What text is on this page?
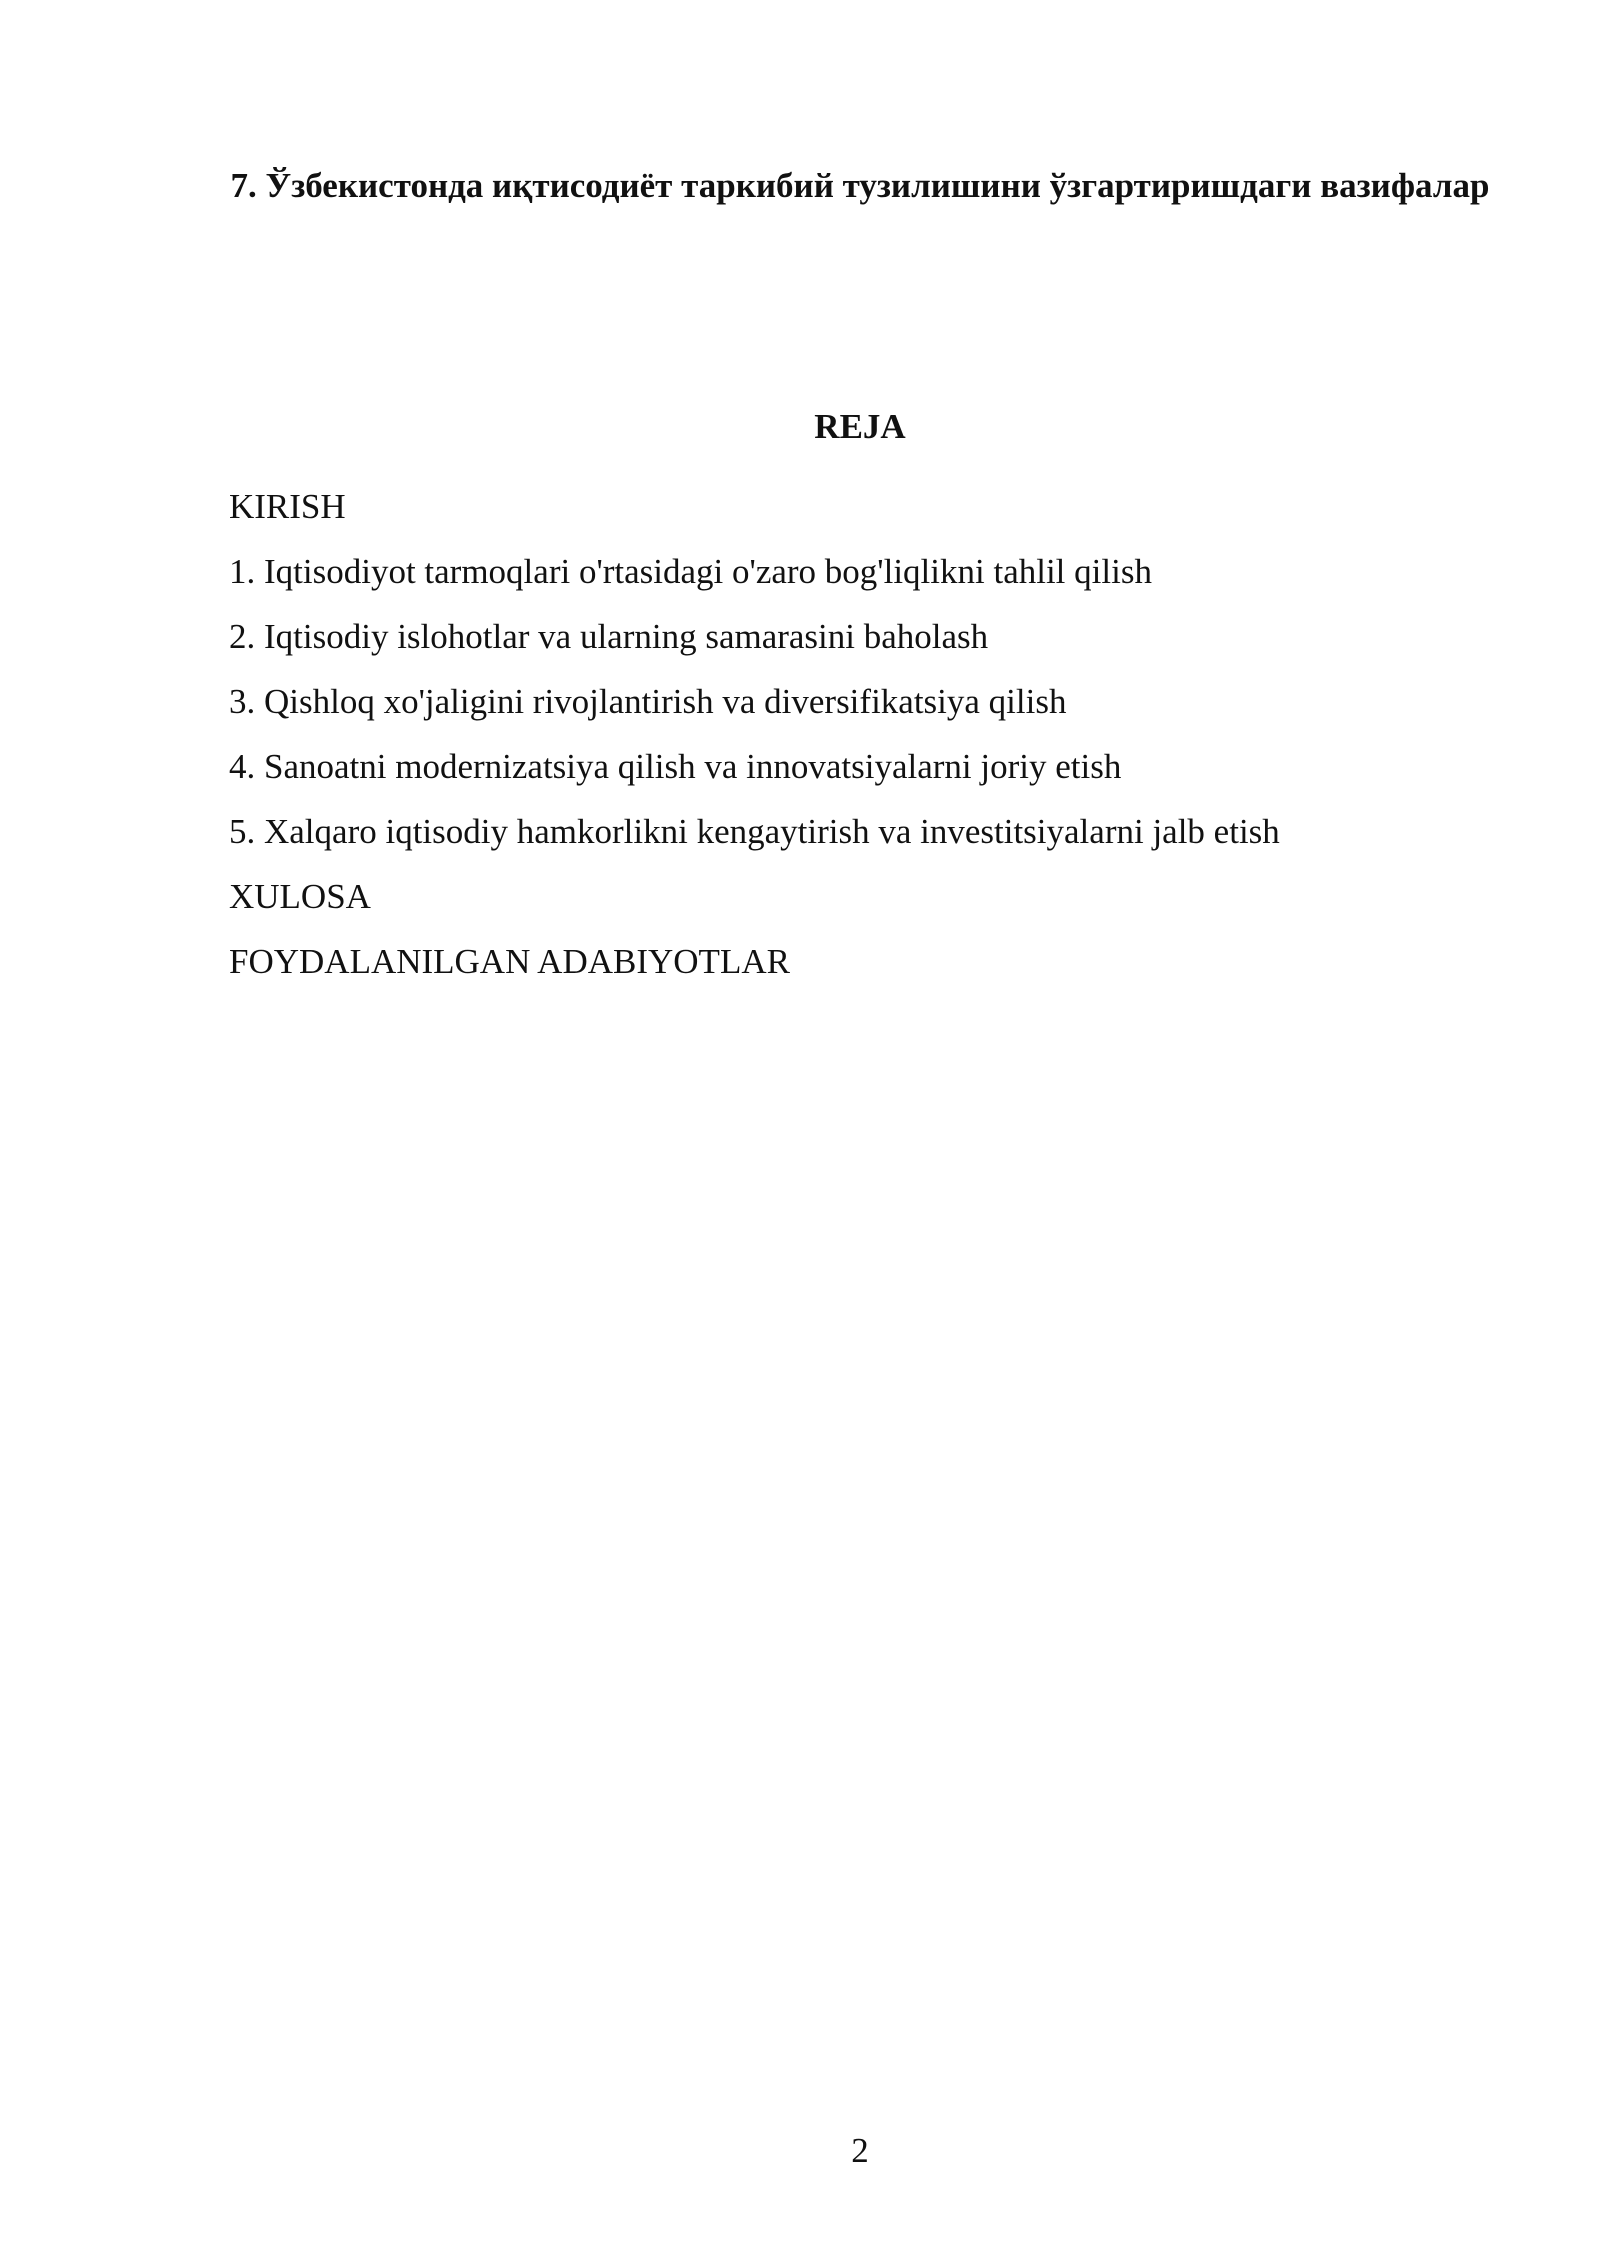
7. Ўзбекистонда иқтисодиёт таркибий тузилишини ўзгартиришдаги вазифалар
REJA
KIRISH
1. Iqtisodiyot tarmoqlari o'rtasidagi o'zaro bog'liqlikni tahlil qilish
2. Iqtisodiy islohotlar va ularning samarasini baholash
3. Qishloq xo'jaligini rivojlantirish va diversifikatsiya qilish
4. Sanoatni modernizatsiya qilish va innovatsiyalarni joriy etish
5. Xalqaro iqtisodiy hamkorlikni kengaytirish va investitsiyalarni jalb etish
XULOSA
FOYDALANILGAN ADABIYOTLAR
2
